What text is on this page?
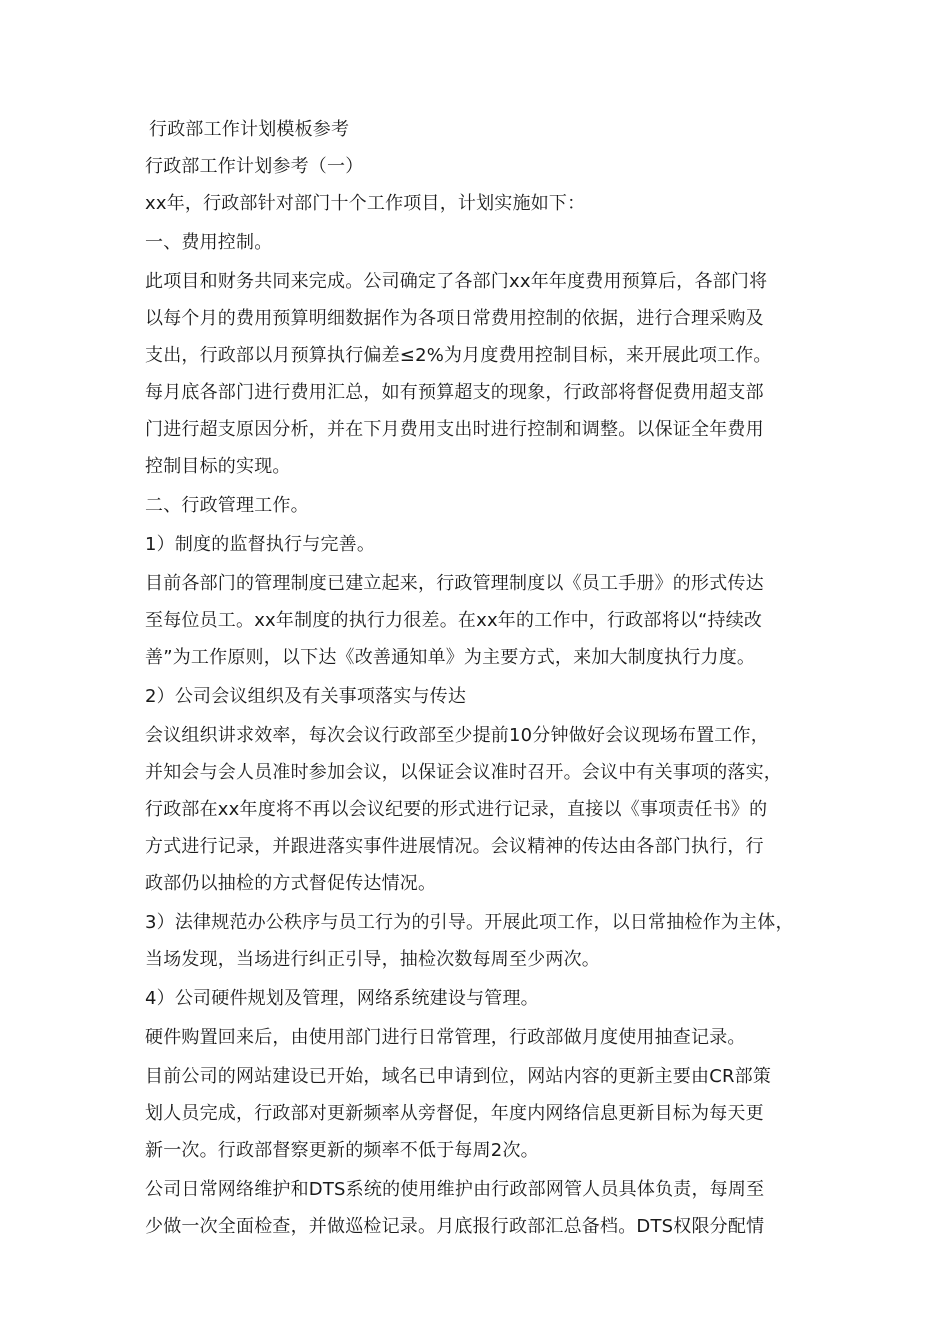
行政部工作计划模板参考
行政部工作计划参考（一）
xx年，行政部针对部门十个工作项目，计划实施如下：
一、费用控制。
此项目和财务共同来完成。公司确定了各部门xx年年度费用预算后，各部门将
以每个月的费用预算明细数据作为各项日常费用控制的依据，进行合理采购及
支出，行政部以月预算执行偏差≤2%为月度费用控制目标，来开展此项工作。
每月底各部门进行费用汇总，如有预算超支的现象，行政部将督促费用超支部
门进行超支原因分析，并在下月费用支出时进行控制和调整。以保证全年费用
控制目标的实现。
二、行政管理工作。
1）制度的监督执行与完善。
目前各部门的管理制度已建立起来，行政管理制度以《员工手册》的形式传达
至每位员工。xx年制度的执行力很差。在xx年的工作中，行政部将以“持续改
善”为工作原则，以下达《改善通知单》为主要方式，来加大制度执行力度。
2）公司会议组织及有关事项落实与传达
会议组织讲求效率，每次会议行政部至少提前10分钟做好会议现场布置工作，
并知会与会人员准时参加会议，以保证会议准时召开。会议中有关事项的落实，
行政部在xx年度将不再以会议纪要的形式进行记录，直接以《事项责任书》的
方式进行记录，并跟进落实事件进展情况。会议精神的传达由各部门执行，行
政部仍以抽检的方式督促传达情况。
3）法律规范办公秩序与员工行为的引导。开展此项工作，以日常抽检作为主体，
当场发现，当场进行纠正引导，抽检次数每周至少两次。
4）公司硬件规划及管理，网络系统建设与管理。
硬件购置回来后，由使用部门进行日常管理，行政部做月度使用抽查记录。
目前公司的网站建设已开始，域名已申请到位，网站内容的更新主要由CR部策
划人员完成，行政部对更新频率从旁督促，年度内网络信息更新目标为每天更
新一次。行政部督察更新的频率不低于每周2次。
公司日常网络维护和DTS系统的使用维护由行政部网管人员具体负责，每周至
少做一次全面检查，并做巡检记录。月底报行政部汇总备档。DTS权限分配情
